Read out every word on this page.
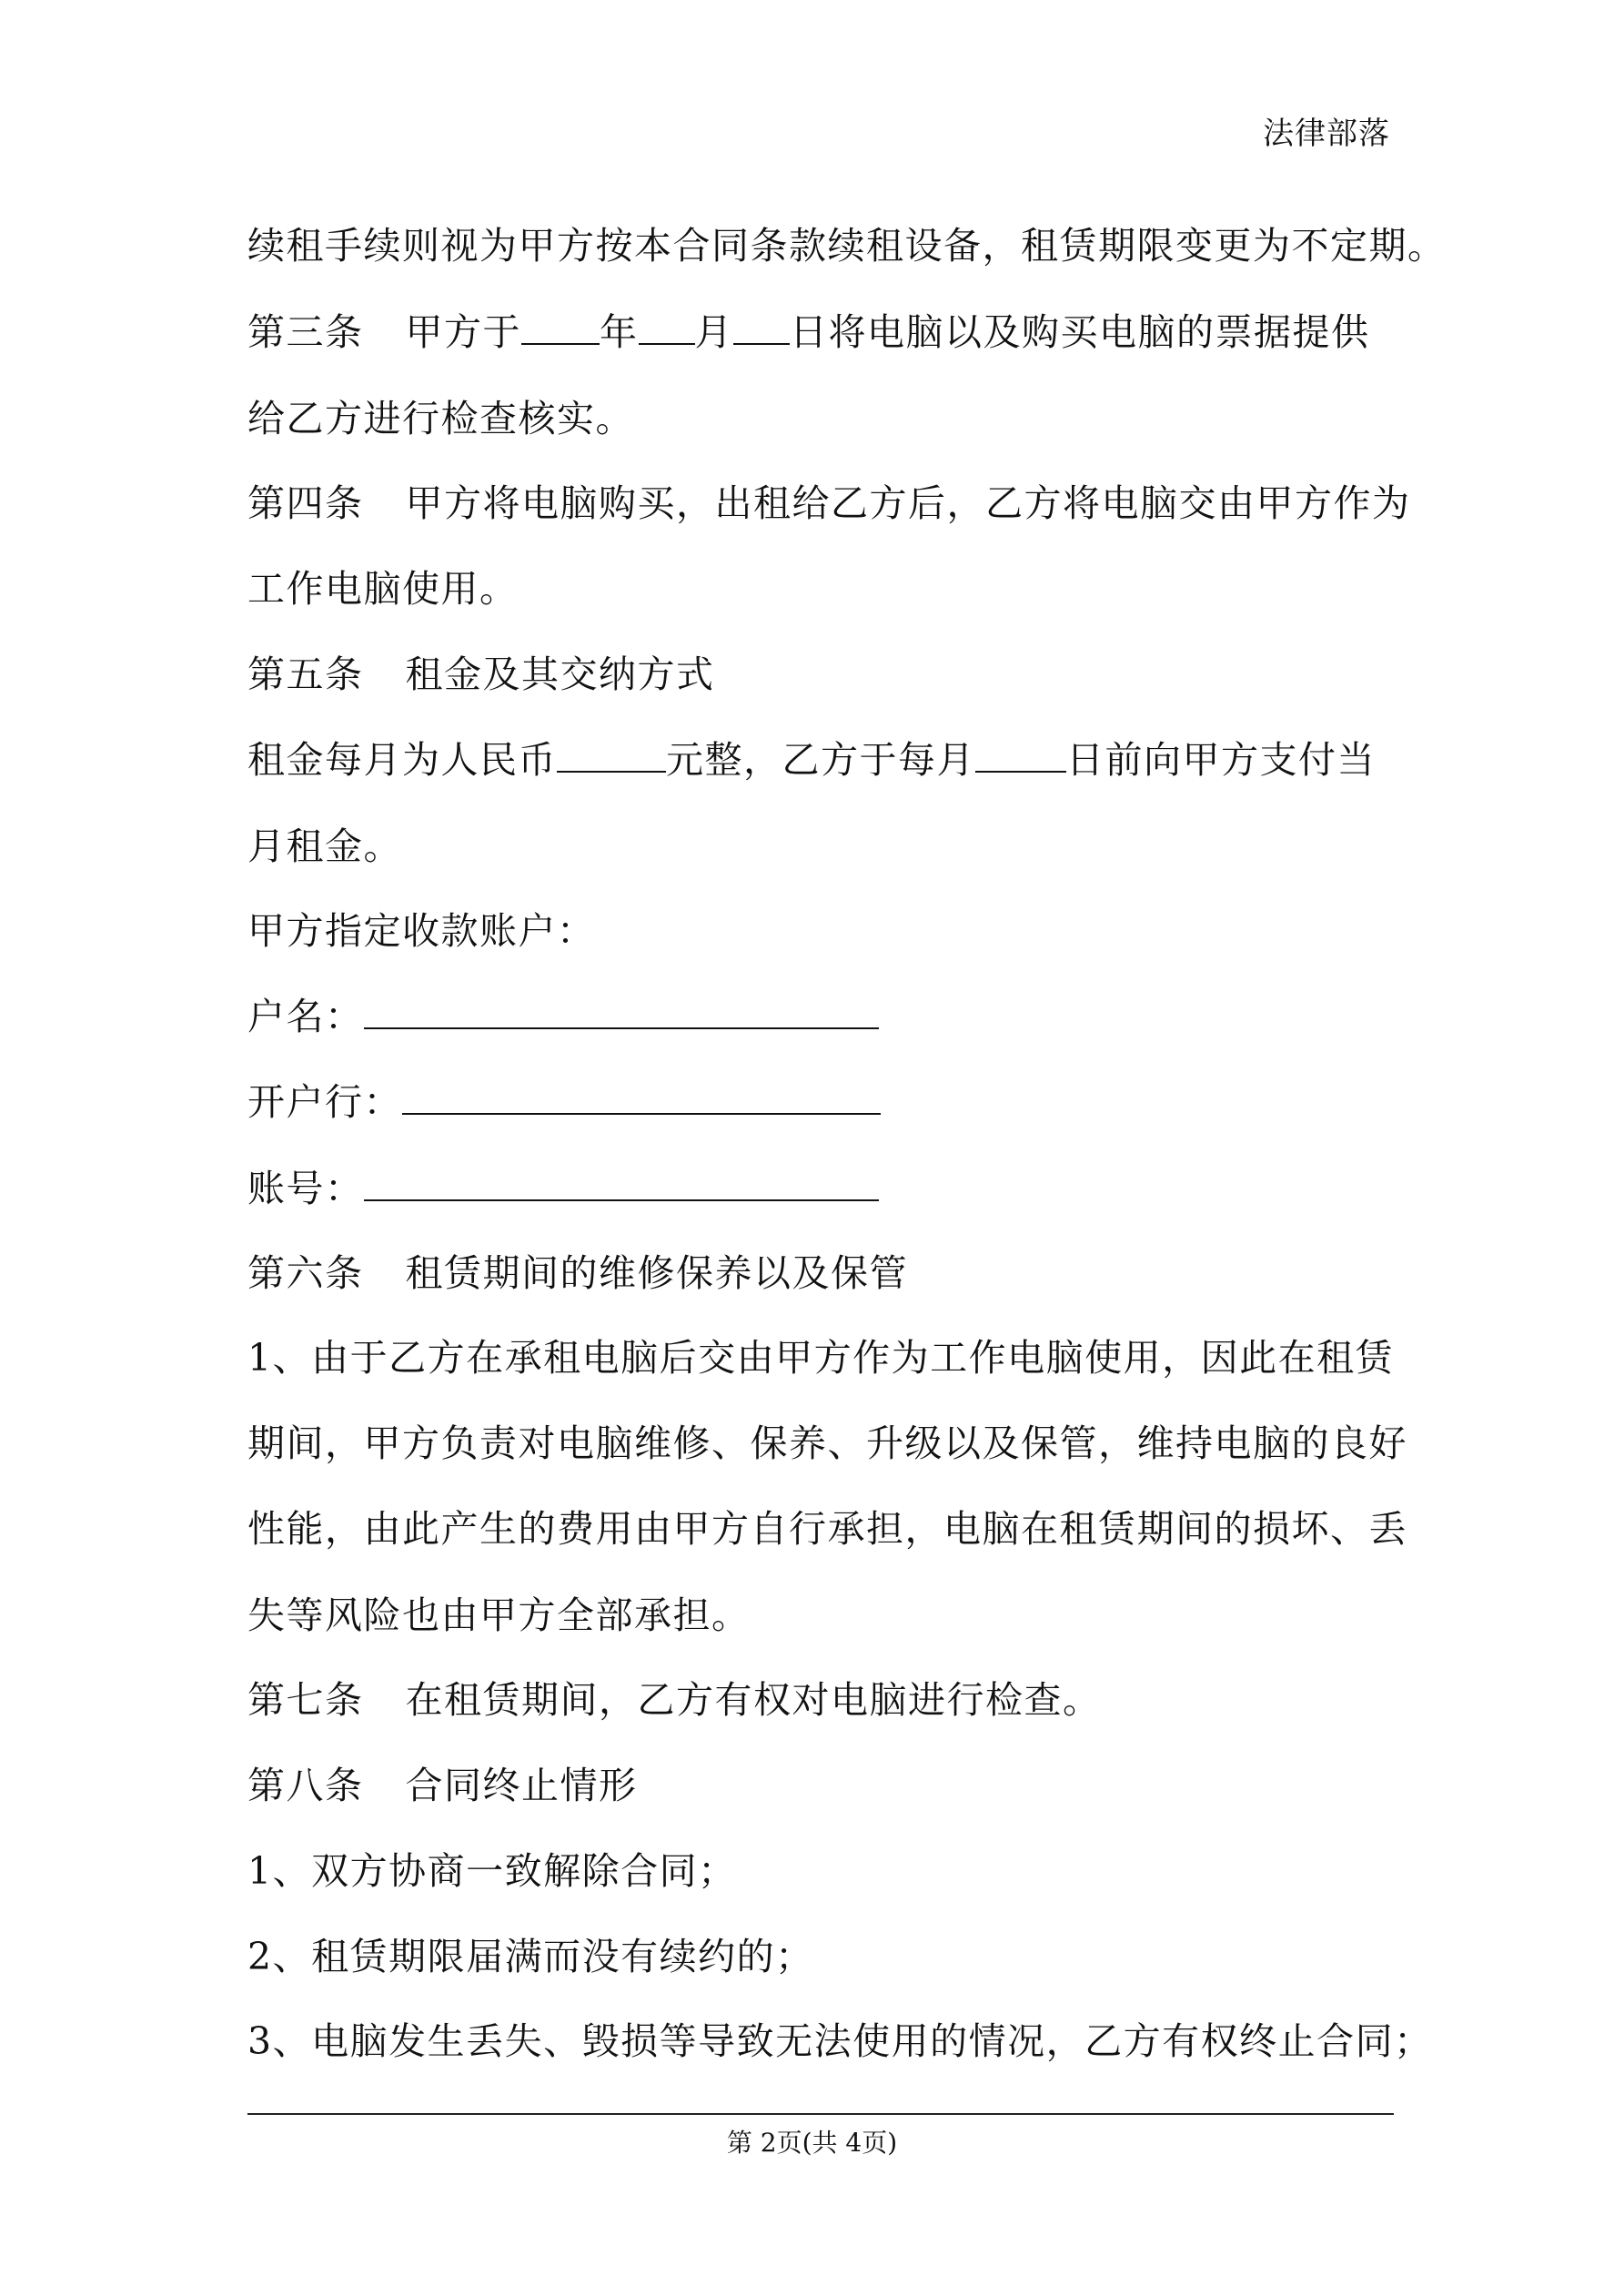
法律部落
续租手续则视为甲方按本合同条款续租设备，租赁期限变更为不定期。
第三条 甲方于 年 月 日将电脑以及购买电脑的票据提供
给乙方进行检查核实。
第四条 甲方将电脑购买，出租给乙方后，乙方将电脑交由甲方作为
工作电脑使用。
第五条 租金及其交纳方式
租金每月为人民币	元整，乙方于每月 日前向甲方支付当
月租金。
甲方指定收款账户：
户名：
开户行：
账号：
第六条 租赁期间的维修保养以及保管
1、由于乙方在承租电脑后交由甲方作为工作电脑使用，因此在租赁
期间，甲方负责对电脑维修、保养、升级以及保管，维持电脑的良好
性能，由此产生的费用由甲方自行承担，电脑在租赁期间的损坏、丢
失等风险也由甲方全部承担。
第七条 在租赁期间，乙方有权对电脑进行检查。
第八条 合同终止情形
1、双方协商一致解除合同；
2、租赁期限届满而没有续约的；
3、电脑发生丢失、毁损等导致无法使用的情况，乙方有权终止合同；
第 2页(共 4页)
